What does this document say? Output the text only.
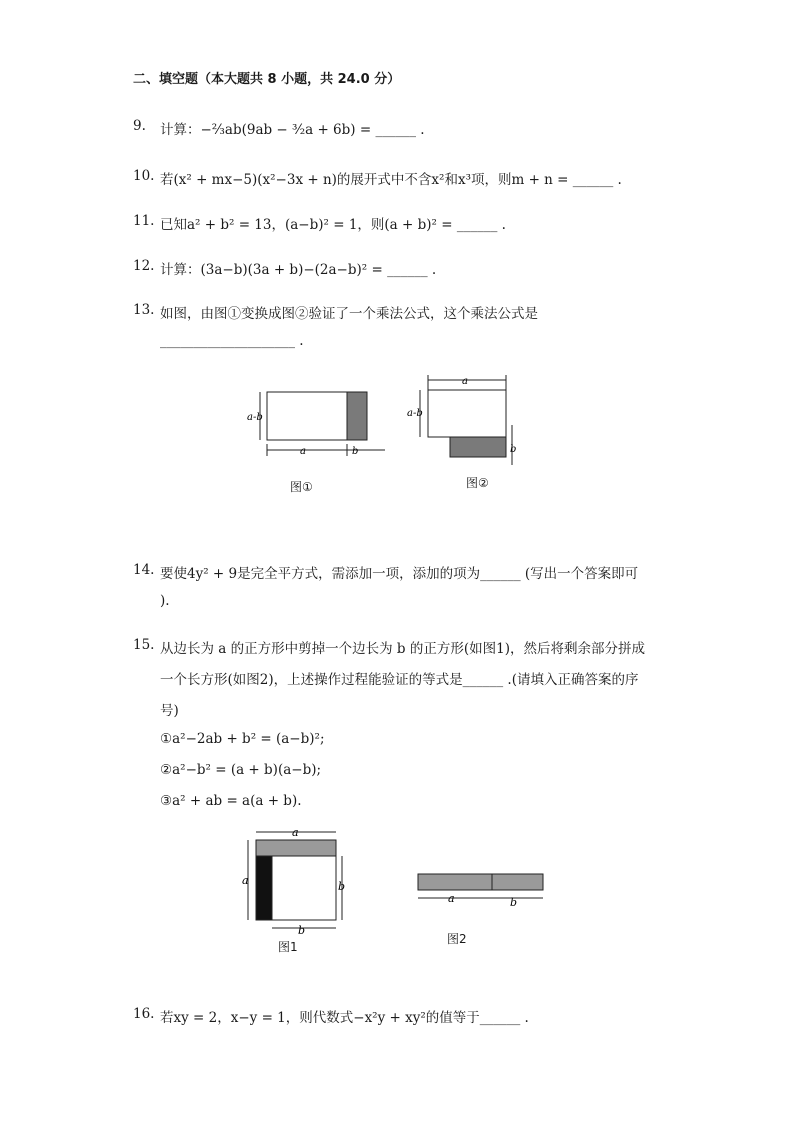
二、填空题（本大题共 8 小题，共 24.0 分）
9.	计算：−⅔ab(9ab − ³⁄₂a + 6b) = ______ .
10. 若(x² + mx−5)(x²−3x + n)的展开式中不含x²和x³项，则m + n = ______ .
11. 已知a² + b² = 13，(a−b)² = 1，则(a + b)² = ______ .
12. 计算：(3a−b)(3a + b)−(2a−b)² = ______ .
13. 如图，由图①变换成图②验证了一个乘法公式，这个乘法公式是
____________________ .
a-b
a	b
a
a-b
b
图①	图②
14. 要使4y² + 9是完全平方式，需添加一项，添加的项为______ (写出一个答案即可
).
15. 从边长为 a 的正方形中剪掉一个边长为 b 的正方形(如图1)，然后将剩余部分拼成
一个长方形(如图2)，上述操作过程能验证的等式是______ .(请填入正确答案的序
号)
①a²−2ab + b² = (a−b)²;
②a²−b² = (a + b)(a−b);
③a² + ab = a(a + b).
a
a	b
b
a	b
图1
图2
16. 若xy = 2，x−y = 1，则代数式−x²y + xy²的值等于______ .
